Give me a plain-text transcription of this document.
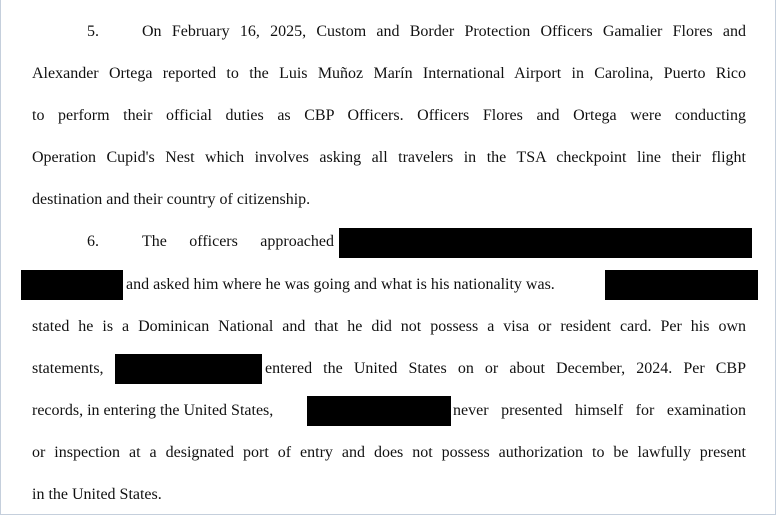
5.	On February 16, 2025, Custom and Border Protection Officers Gamalier Flores and
Alexander Ortega reported to the Luis Muñoz Marín International Airport in Carolina, Puerto Rico
to perform their official duties as CBP Officers. Officers Flores and Ortega were conducting
Operation Cupid's Nest which involves asking all travelers in the TSA checkpoint line their flight
destination and their country of citizenship.
6.	The officers approached
and asked him where he was going and what is his nationality was.
stated he is a Dominican National and that he did not possess a visa or resident card. Per his own
statements,	entered the United States on or about December, 2024. Per CBP
records, in entering the United States,	never presented himself for examination
or inspection at a designated port of entry and does not possess authorization to be lawfully present
in the United States.
